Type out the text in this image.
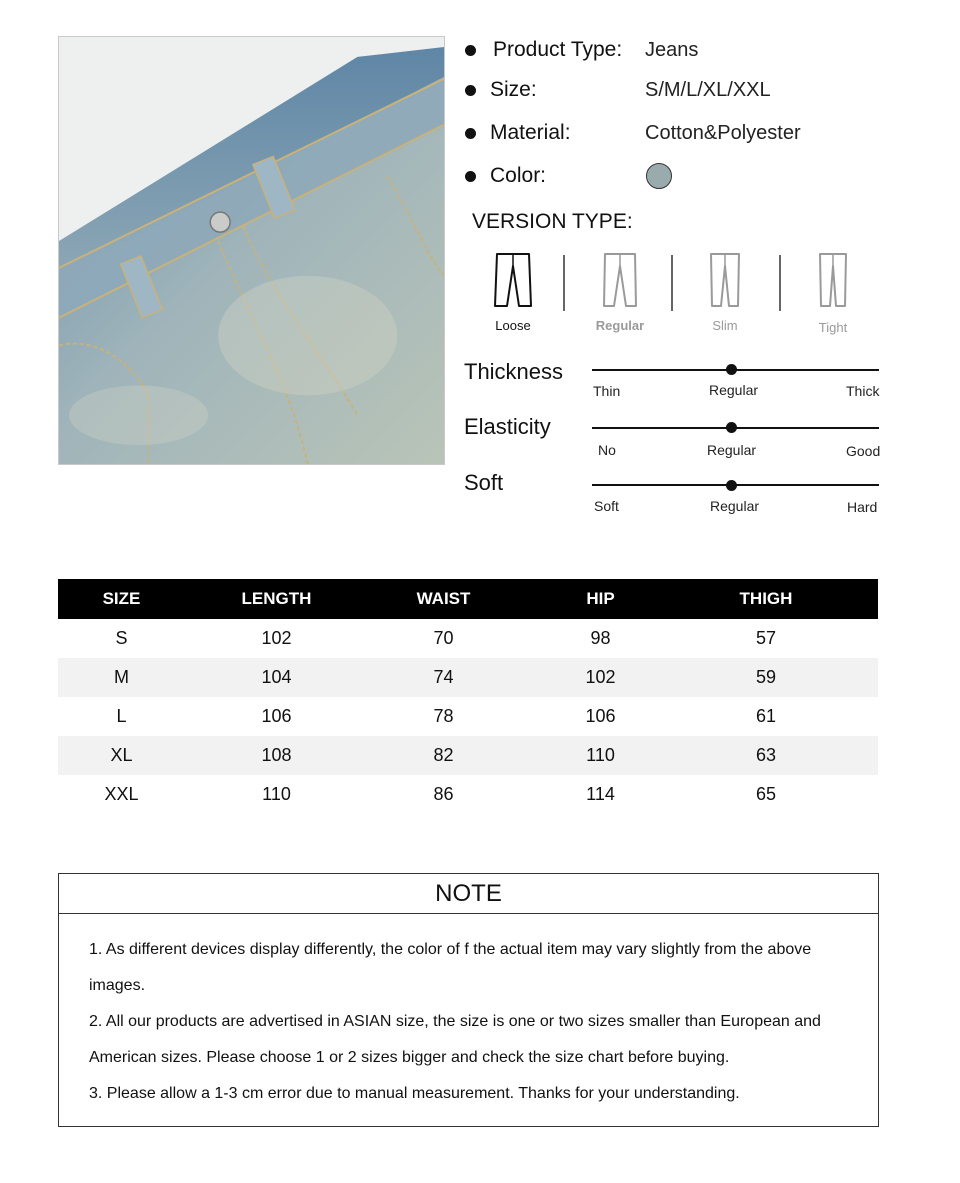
Product Type: Jeans
Size:	S/M/L/XL/XXL
Material:	Cotton&Polyester
Color:
VERSION TYPE:
Loose	Regular	Slim	Tight
Thickness
Thin	Regular	Thick
Elasticity
No	Regular	Good
Soft
Soft	Regular	Hard
SIZE	LENGTH	WAIST	HIP	THIGH
S	102	70	98	57
M	104	74	102	59
L	106	78	106	61
XL	108	82	110	63
XXL	110	86	114	65
NOTE

1. As different devices display differently, the color of f the actual item may vary slightly from the above images.

2. All our products are advertised in ASIAN size, the size is one or two sizes smaller than European and American sizes. Please choose 1 or 2 sizes bigger and check the size chart before buying.

3. Please allow a 1-3 cm error due to manual measurement. Thanks for your understanding.
